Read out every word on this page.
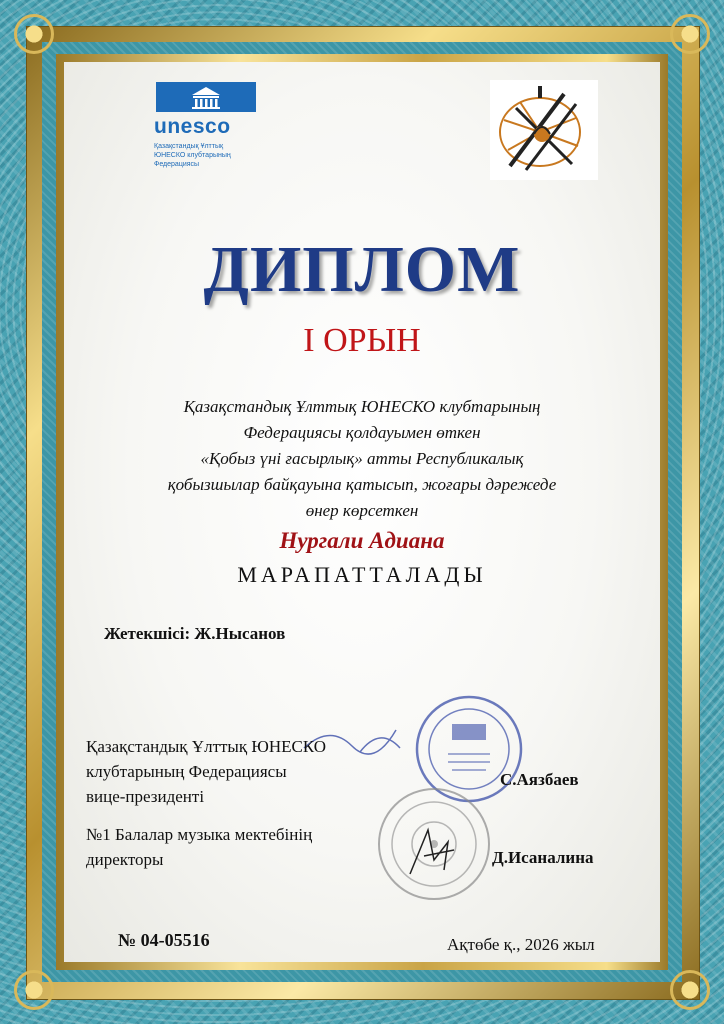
unesco
Қазақстандық Ұлттық
ЮНЕСКО клубтарының
Федерациясы
ДИПЛОМ
І ОРЫН
Қазақстандық Ұлттық ЮНЕСКО клубтарының
Федерациясы қолдауымен өткен
«Қобыз үні ғасырлық» атты Республикалық
қобызшылар байқауына қатысып, жоғары дәрежеде
өнер көрсеткен
Нургали Адиана
МАРАПАТТАЛАДЫ
Жетекшісі: Ж.Нысанов
Қазақстандық Ұлттық ЮНЕСКО
клубтарының Федерациясы
вице-президенті
С.Аязбаев
№1 Балалар музыка мектебінің
директоры	Д.Исаналина
№ 04-05516	Ақтөбе қ., 2026 жыл
